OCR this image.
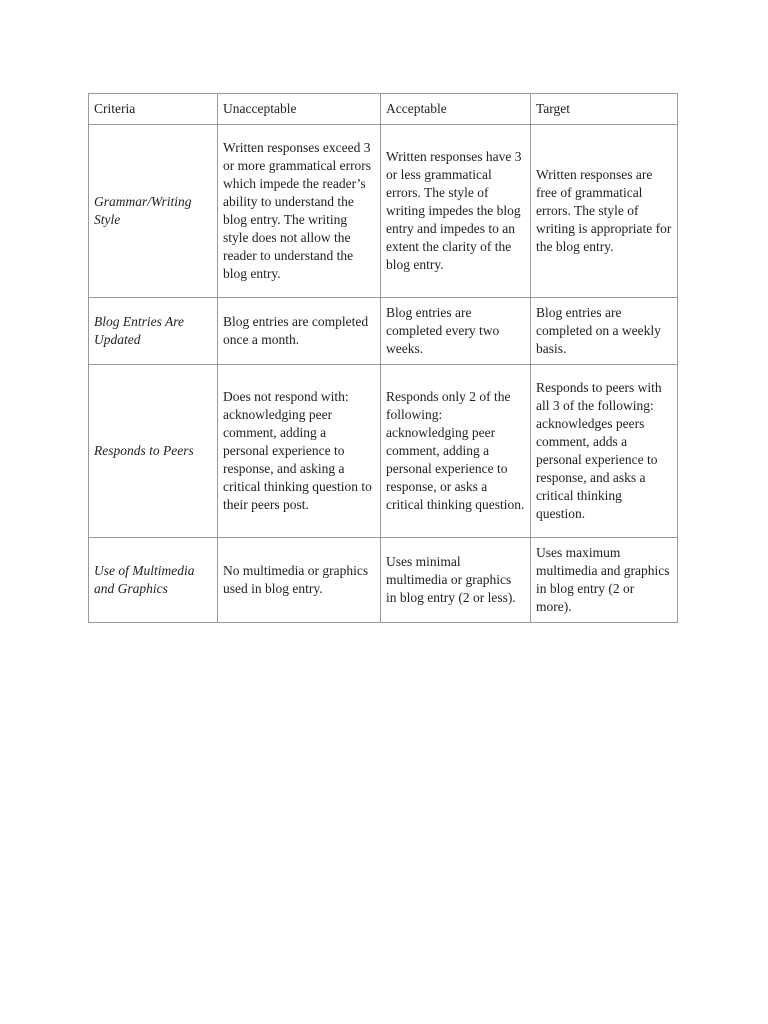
Criteria	Unacceptable	Acceptable	Target
Grammar/Writing Style	Written responses exceed 3 or more grammatical errors which impede the reader’s ability to understand the blog entry. The writing style does not allow the reader to understand the blog entry.	Written responses have 3 or less grammatical errors. The style of writing impedes the blog entry and impedes to an extent the clarity of the blog entry.	Written responses are free of grammatical errors. The style of writing is appropriate for the blog entry.
Blog Entries Are Updated	Blog entries are completed once a month.	Blog entries are completed every two weeks.	Blog entries are completed on a weekly basis.
Responds to Peers	Does not respond with: acknowledging peer comment, adding a personal experience to response, and asking a critical thinking question to their peers post.	Responds only 2 of the following: acknowledging peer comment, adding a personal experience to response, or asks a critical thinking question.	Responds to peers with all 3 of the following: acknowledges peers comment, adds a personal experience to response, and asks a critical thinking question.
Use of Multimedia and Graphics	No multimedia or graphics used in blog entry.	Uses minimal multimedia or graphics in blog entry (2 or less).	Uses maximum multimedia and graphics in blog entry (2 or more).
